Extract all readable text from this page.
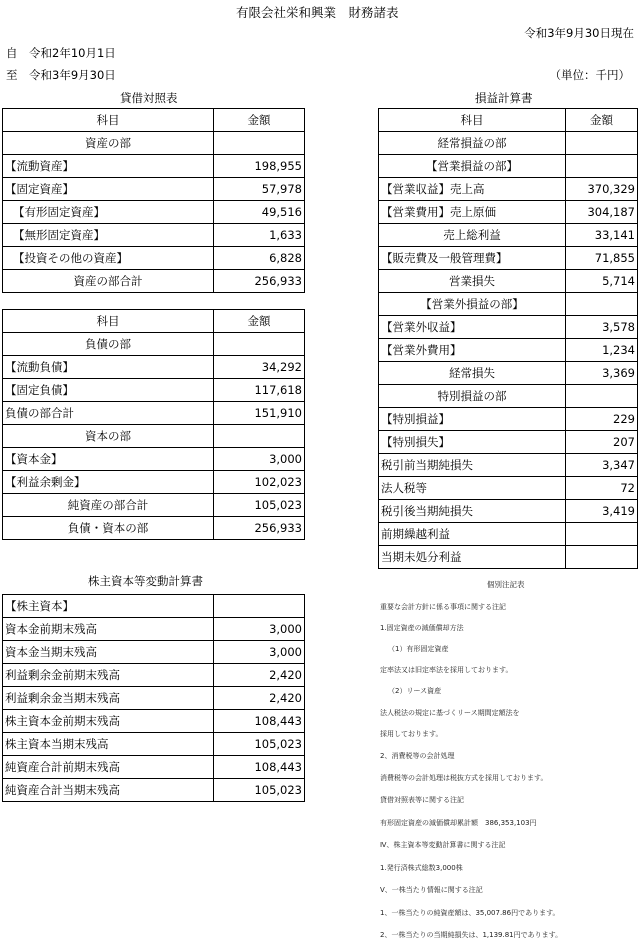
有限会社栄和興業　財務諸表
令和3年9月30日現在
自　令和2年10月1日
至　令和3年9月30日	（単位：千円）
貸借対照表
科目	金額
資産の部	
【流動資産】	198,955
【固定資産】	57,978
【有形固定資産】	49,516
【無形固定資産】	1,633
【投資その他の資産】	6,828
資産の部合計	256,933
科目	金額
負債の部	
【流動負債】	34,292
【固定負債】	117,618
負債の部合計	151,910
資本の部	
【資本金】	3,000
【利益余剰金】	102,023
純資産の部合計	105,023
負債・資本の部	256,933
損益計算書
科目	金額
経常損益の部	
【営業損益の部】	
【営業収益】売上高	370,329
【営業費用】売上原価	304,187
売上総利益	33,141
【販売費及一般管理費】	71,855
営業損失	5,714
【営業外損益の部】	
【営業外収益】	3,578
【営業外費用】	1,234
経常損失	3,369
特別損益の部	
【特別損益】	229
【特別損失】	207
税引前当期純損失	3,347
法人税等	72
税引後当期純損失	3,419
前期繰越利益	
当期未処分利益	
株主資本等変動計算書
【株主資本】	
資本金前期末残高	3,000
資本金当期末残高	3,000
利益剰余金前期末残高	2,420
利益剰余金当期末残高	2,420
株主資本金前期末残高	108,443
株主資本当期末残高	105,023
純資産合計前期末残高	108,443
純資産合計当期末残高	105,023
個別注記表
重要な会計方針に係る事項に関する注記
1.固定資産の減価償却方法
（1）有形固定資産
定率法又は旧定率法を採用しております。
（2）リース資産
法人税法の規定に基づくリース期間定額法を
採用しております。
2、消費税等の会計処理
消費税等の会計処理は税抜方式を採用しております。
貸借対照表等に関する注記
有形固定資産の減価償却累計額　386,353,103円
Ⅳ、株主資本等変動計算書に関する注記
1.発行済株式総数3,000株
Ⅴ、一株当たり情報に関する注記
1、一株当たりの純資産額は、35,007.86円であります。
2、一株当たりの当期純損失は、1,139.81円であります。
